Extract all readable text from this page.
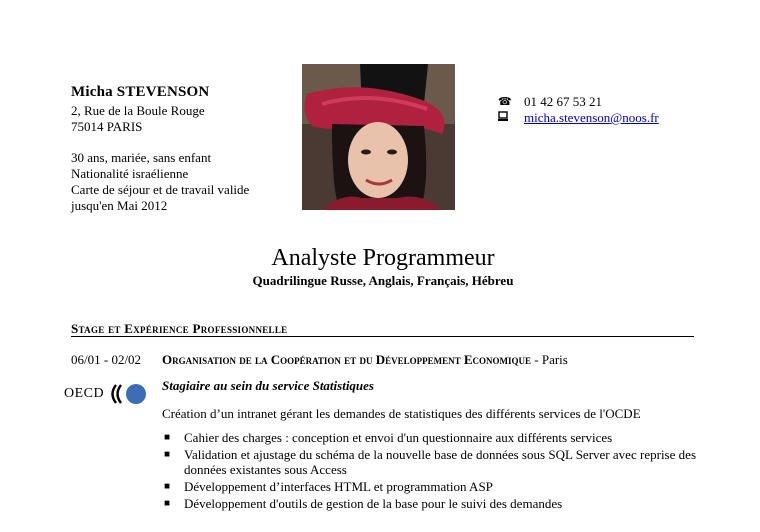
Micha STEVENSON
2, Rue de la Boule Rouge
75014 PARIS
30 ans, mariée, sans enfant
Nationalité israélienne
Carte de séjour et de travail valide
jusqu'en Mai 2012
☎ 01 42 67 53 21
micha.stevenson@noos.fr
Analyste Programmeur
Quadrilingue Russe, Anglais, Français, Hébreu
Stage et Expérience Professionnelle
06/01 - 02/02 Organisation de la Coopération et du Développement Economique - Paris
OECD
Stagiaire au sein du service Statistiques
Création d’un intranet gérant les demandes de statistiques des différents services de l'OCDE
■ Cahier des charges : conception et envoi d'un questionnaire aux différents services
■ Validation et ajustage du schéma de la nouvelle base de données sous SQL Server avec reprise des données existantes sous Access
■ Développement d’interfaces HTML et programmation ASP
■ Développement d'outils de gestion de la base pour le suivi des demandes
